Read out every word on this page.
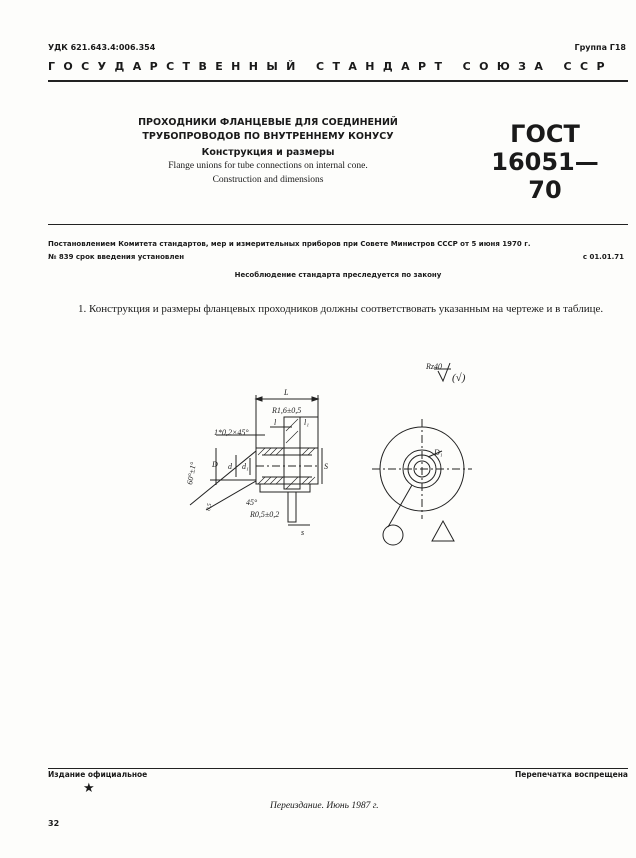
УДК 621.643.4:006.354	Группа Г18
ГОСУДАРСТВЕННЫЙ СТАНДАРТ СОЮЗА ССР
ПРОХОДНИКИ ФЛАНЦЕВЫЕ ДЛЯ СОЕДИНЕНИЙ
ТРУБОПРОВОДОВ ПО ВНУТРЕННЕМУ КОНУСУ
Конструкция и размеры
Flange unions for tube connections on internal cone.
Construction and dimensions
ГОСТ
16051—70
Постановлением Комитета стандартов, мер и измерительных приборов при Совете Министров СССР от 5 июня 1970 г.
№ 839 срок введения установлен	с 01.01.71
Несоблюдение стандарта преследуется по закону
1. Конструкция и размеры фланцевых проходников должны соответствовать указанным на чертеже и в таблице.
Rz40
(√)
L
R1,6±0,5
l	l₁
1*0,2×45°
D d d₁	S
s
45°
R0,5±0,2
D₁
0,5
60°±1°
Издание официальное	Перепечатка воспрещена
★
Переиздание. Июнь 1987 г.
32
